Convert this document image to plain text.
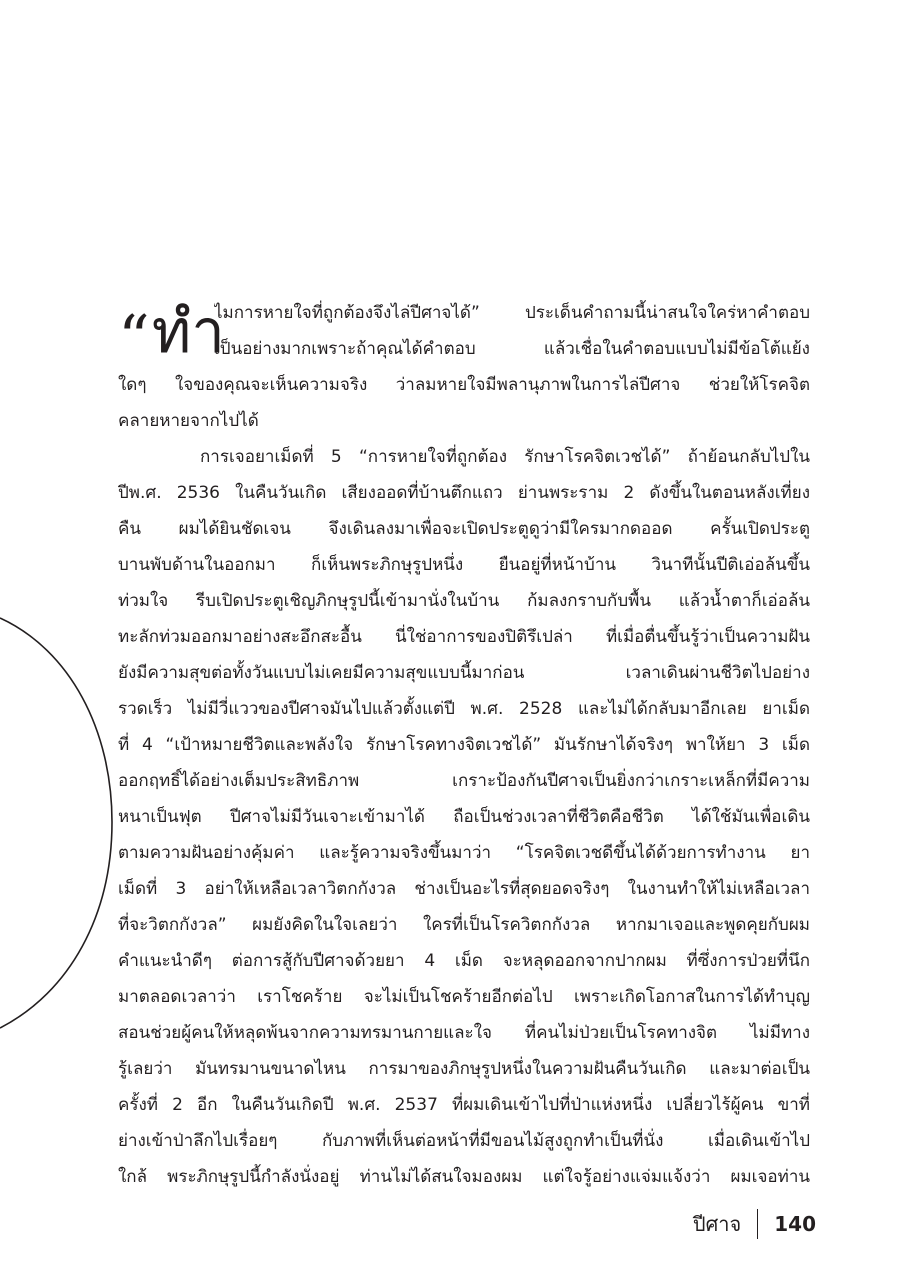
“ ทำ
ไมการหายใจที่ถูกต้องจึงไล่ปีศาจได้” ประเด็นคำถามนี้น่าสนใจใคร่หาคำตอบ
เป็นอย่างมากเพราะถ้าคุณได้คำตอบ แล้วเชื่อในคำตอบแบบไม่มีข้อโต้แย้ง
ใดๆ ใจของคุณจะเห็นความจริง ว่าลมหายใจมีพลานุภาพในการไล่ปีศาจ ช่วยให้โรคจิต
คลายหายจากไปได้
การเจอยาเม็ดที่ 5 “การหายใจที่ถูกต้อง รักษาโรคจิตเวชได้” ถ้าย้อนกลับไปใน
ปีพ.ศ. 2536 ในคืนวันเกิด เสียงออดที่บ้านตึกแถว ย่านพระราม 2 ดังขึ้นในตอนหลังเที่ยง
คืน ผมได้ยินชัดเจน จึงเดินลงมาเพื่อจะเปิดประตูดูว่ามีใครมากดออด ครั้นเปิดประตู
บานพับด้านในออกมา ก็เห็นพระภิกษุรูปหนึ่ง ยืนอยู่ที่หน้าบ้าน วินาทีนั้นปีติเอ่อล้นขึ้น
ท่วมใจ รีบเปิดประตูเชิญภิกษุรูปนี้เข้ามานั่งในบ้าน ก้มลงกราบกับพื้น แล้วน้ำตาก็เอ่อล้น
ทะลักท่วมออกมาอย่างสะอึกสะอื้น นี่ใช่อาการของปิติรึเปล่า ที่เมื่อตื่นขึ้นรู้ว่าเป็นความฝัน
ยังมีความสุขต่อทั้งวันแบบไม่เคยมีความสุขแบบนี้มาก่อน เวลาเดินผ่านชีวิตไปอย่าง
รวดเร็ว ไม่มีวี่แววของปีศาจมันไปแล้วตั้งแต่ปี พ.ศ. 2528 และไม่ได้กลับมาอีกเลย ยาเม็ด
ที่ 4 “เป้าหมายชีวิตและพลังใจ รักษาโรคทางจิตเวชได้” มันรักษาได้จริงๆ พาให้ยา 3 เม็ด
ออกฤทธิ์ได้อย่างเต็มประสิทธิภาพ เกราะป้องกันปีศาจเป็นยิ่งกว่าเกราะเหล็กที่มีความ
หนาเป็นฟุต ปีศาจไม่มีวันเจาะเข้ามาได้ ถือเป็นช่วงเวลาที่ชีวิตคือชีวิต ได้ใช้มันเพื่อเดิน
ตามความฝันอย่างคุ้มค่า และรู้ความจริงขึ้นมาว่า “โรคจิตเวชดีขึ้นได้ด้วยการทำงาน ยา
เม็ดที่ 3 อย่าให้เหลือเวลาวิตกกังวล ช่างเป็นอะไรที่สุดยอดจริงๆ ในงานทำให้ไม่เหลือเวลา
ที่จะวิตกกังวล” ผมยังคิดในใจเลยว่า ใครที่เป็นโรควิตกกังวล หากมาเจอและพูดคุยกับผม
คำแนะนำดีๆ ต่อการสู้กับปีศาจด้วยยา 4 เม็ด จะหลุดออกจากปากผม ที่ซึ่งการป่วยที่นึก
มาตลอดเวลาว่า เราโชคร้าย จะไม่เป็นโชคร้ายอีกต่อไป เพราะเกิดโอกาสในการได้ทำบุญ
สอนช่วยผู้คนให้หลุดพ้นจากความทรมานกายและใจ ที่คนไม่ป่วยเป็นโรคทางจิต ไม่มีทาง
รู้เลยว่า มันทรมานขนาดไหน การมาของภิกษุรูปหนึ่งในความฝันคืนวันเกิด และมาต่อเป็น
ครั้งที่ 2 อีก ในคืนวันเกิดปี พ.ศ. 2537 ที่ผมเดินเข้าไปที่ป่าแห่งหนึ่ง เปลี่ยวไร้ผู้คน ขาที่
ย่างเข้าป่าลึกไปเรื่อยๆ กับภาพที่เห็นต่อหน้าที่มีขอนไม้สูงถูกทำเป็นที่นั่ง เมื่อเดินเข้าไป
ใกล้ พระภิกษุรูปนี้กำลังนั่งอยู่ ท่านไม่ได้สนใจมองผม แต่ใจรู้อย่างแจ่มแจ้งว่า ผมเจอท่าน
ปีศาจ 140
